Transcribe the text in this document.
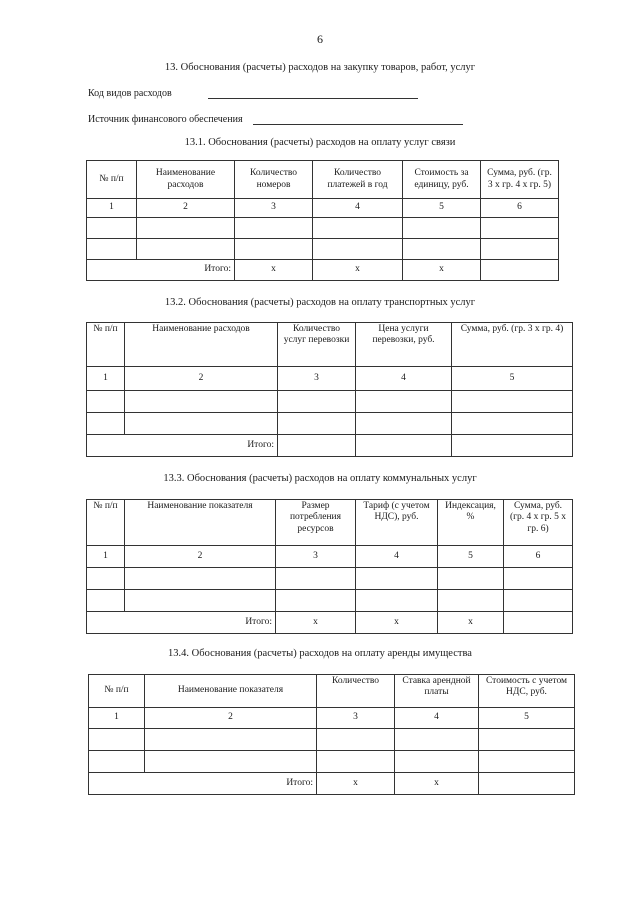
6
13. Обоснования (расчеты) расходов на закупку товаров, работ, услуг
Код видов расходов
Источник финансового обеспечения
13.1. Обоснования (расчеты) расходов на оплату услуг связи
№ п/п	Наименование расходов	Количество номеров	Количество платежей в год	Стоимость за единицу, руб.	Сумма, руб. (гр. 3 х гр. 4 х гр. 5)
1	2	3	4	5	6

	Итого:	х	х	х	
13.2. Обоснования (расчеты) расходов на оплату транспортных услуг
№ п/п	Наименование расходов	Количество услуг перевозки	Цена услуги перевозки, руб.	Сумма, руб. (гр. 3 х гр. 4)
1	2	3	4	5

	Итого:			
13.3. Обоснования (расчеты) расходов на оплату коммунальных услуг
№ п/п	Наименование показателя	Размер потребления ресурсов	Тариф (с учетом НДС), руб.	Индексация, %	Сумма, руб. (гр. 4 х гр. 5 х гр. 6)
1	2	3	4	5	6

	Итого:	х	х	х	
13.4. Обоснования (расчеты) расходов на оплату аренды имущества
№ п/п	Наименование показателя	Количество	Ставка арендной платы	Стоимость с учетом НДС, руб.
1	2	3	4	5

	Итого:	х	х	
